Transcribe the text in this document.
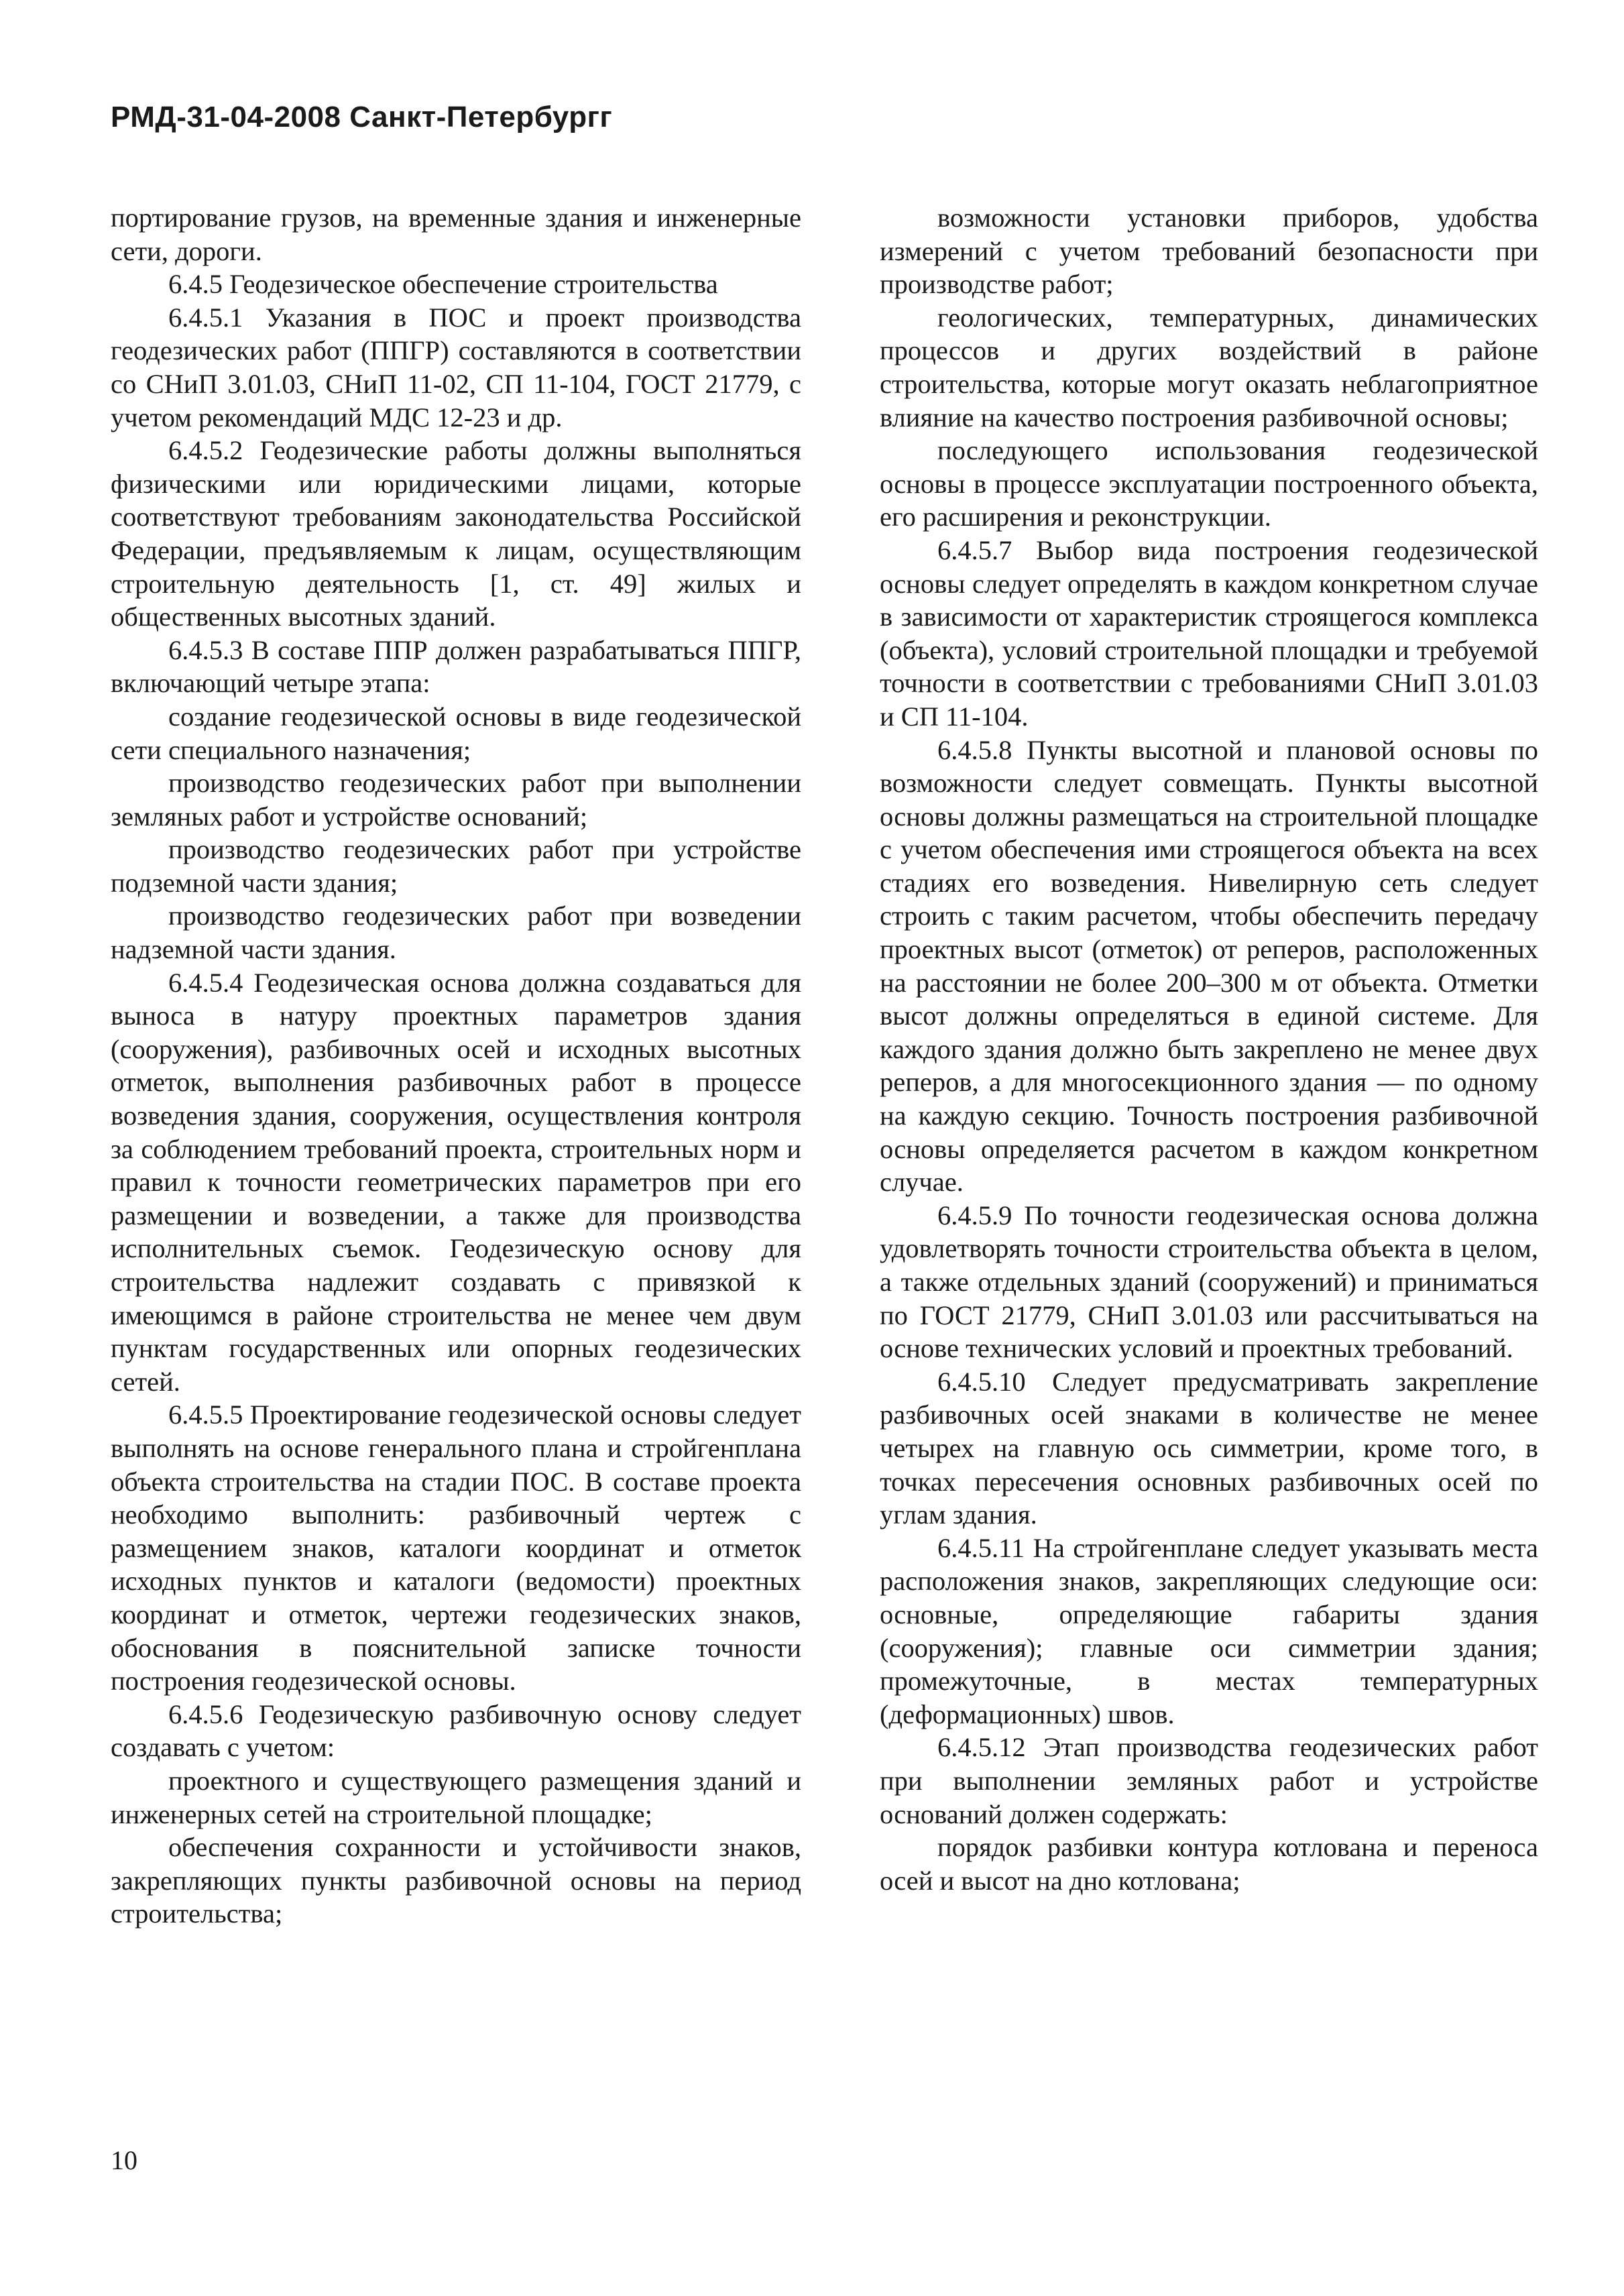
РМД-31-04-2008 Санкт-Петербургг

портирование грузов, на временные здания и инженерные сети, дороги.

6.4.5 Геодезическое обеспечение строительства

6.4.5.1 Указания в ПОС и проект производства геодезических работ (ППГР) составляются в соответствии со СНиП 3.01.03, СНиП 11-02, СП 11-104, ГОСТ 21779, с учетом рекомендаций МДС 12-23 и др.

6.4.5.2 Геодезические работы должны выполняться физическими или юридическими лицами, которые соответствуют требованиям законодательства Российской Федерации, предъявляемым к лицам, осуществляющим строительную деятельность [1, ст. 49] жилых и общественных высотных зданий.

6.4.5.3 В составе ППР должен разрабатываться ППГР, включающий четыре этапа:

создание геодезической основы в виде геодезической сети специального назначения;

производство геодезических работ при выполнении земляных работ и устройстве оснований;

производство геодезических работ при устройстве подземной части здания;

производство геодезических работ при возведении надземной части здания.

6.4.5.4 Геодезическая основа должна создаваться для выноса в натуру проектных параметров здания (сооружения), разбивочных осей и исходных высотных отметок, выполнения разбивочных работ в процессе возведения здания, сооружения, осуществления контроля за соблюдением требований проекта, строительных норм и правил к точности геометрических параметров при его размещении и возведении, а также для производства исполнительных съемок. Геодезическую основу для строительства надлежит создавать с привязкой к имеющимся в районе строительства не менее чем двум пунктам государственных или опорных геодезических сетей.

6.4.5.5 Проектирование геодезической основы следует выполнять на основе генерального плана и стройгенплана объекта строительства на стадии ПОС. В составе проекта необходимо выполнить: разбивочный чертеж с размещением знаков, каталоги координат и отметок исходных пунктов и каталоги (ведомости) проектных координат и отметок, чертежи геодезических знаков, обоснования в пояснительной записке точности построения геодезической основы.

6.4.5.6 Геодезическую разбивочную основу следует создавать с учетом:

проектного и существующего размещения зданий и инженерных сетей на строительной площадке;

обеспечения сохранности и устойчивости знаков, закрепляющих пункты разбивочной основы на период строительства;

возможности установки приборов, удобства измерений с учетом требований безопасности при производстве работ;

геологических, температурных, динамических процессов и других воздействий в районе строительства, которые могут оказать неблагоприятное влияние на качество построения разбивочной основы;

последующего использования геодезической основы в процессе эксплуатации построенного объекта, его расширения и реконструкции.

6.4.5.7 Выбор вида построения геодезической основы следует определять в каждом конкретном случае в зависимости от характеристик строящегося комплекса (объекта), условий строительной площадки и требуемой точности в соответствии с требованиями СНиП 3.01.03 и СП 11-104.

6.4.5.8 Пункты высотной и плановой основы по возможности следует совмещать. Пункты высотной основы должны размещаться на строительной площадке с учетом обеспечения ими строящегося объекта на всех стадиях его возведения. Нивелирную сеть следует строить с таким расчетом, чтобы обеспечить передачу проектных высот (отметок) от реперов, расположенных на расстоянии не более 200–300 м от объекта. Отметки высот должны определяться в единой системе. Для каждого здания должно быть закреплено не менее двух реперов, а для многосекционного здания — по одному на каждую секцию. Точность построения разбивочной основы определяется расчетом в каждом конкретном случае.

6.4.5.9 По точности геодезическая основа должна удовлетворять точности строительства объекта в целом, а также отдельных зданий (сооружений) и приниматься по ГОСТ 21779, СНиП 3.01.03 или рассчитываться на основе технических условий и проектных требований.

6.4.5.10 Следует предусматривать закрепление разбивочных осей знаками в количестве не менее четырех на главную ось симметрии, кроме того, в точках пересечения основных разбивочных осей по углам здания.

6.4.5.11 На стройгенплане следует указывать места расположения знаков, закрепляющих следующие оси: основные, определяющие габариты здания (сооружения); главные оси симметрии здания; промежуточные, в местах температурных (деформационных) швов.

6.4.5.12 Этап производства геодезических работ при выполнении земляных работ и устройстве оснований должен содержать:

порядок разбивки контура котлована и переноса осей и высот на дно котлована;

10
